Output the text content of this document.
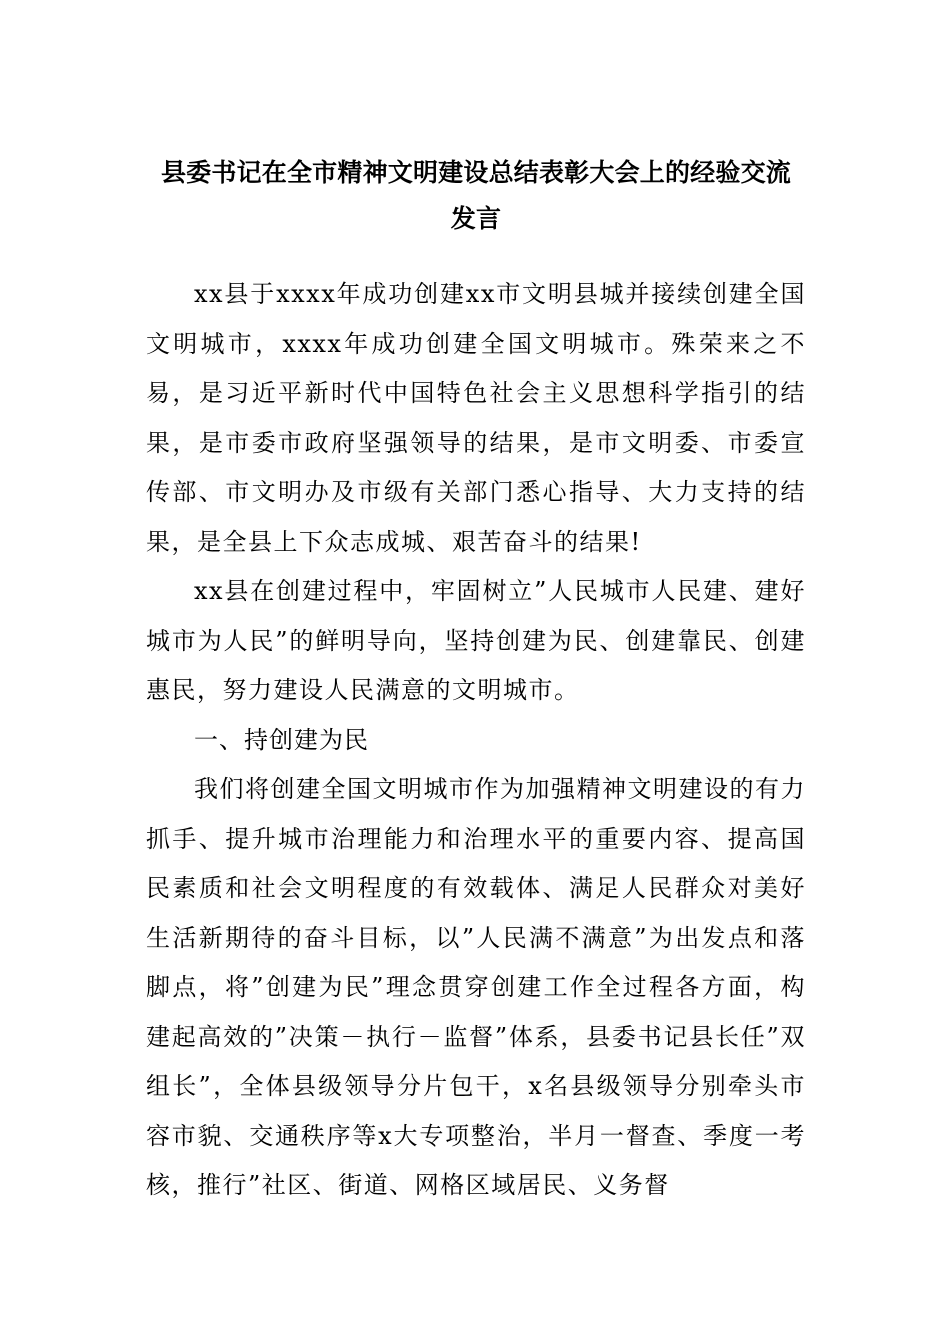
县委书记在全市精神文明建设总结表彰大会上的经验交流
发言

xx县于xxxx年成功创建xx市文明县城并接续创建全国文明城市，xxxx年成功创建全国文明城市。殊荣来之不易，是习近平新时代中国特色社会主义思想科学指引的结果，是市委市政府坚强领导的结果，是市文明委、市委宣传部、市文明办及市级有关部门悉心指导、大力支持的结果，是全县上下众志成城、艰苦奋斗的结果!

xx县在创建过程中，牢固树立”人民城市人民建、建好城市为人民”的鲜明导向，坚持创建为民、创建靠民、创建惠民，努力建设人民满意的文明城市。

一、持创建为民

我们将创建全国文明城市作为加强精神文明建设的有力抓手、提升城市治理能力和治理水平的重要内容、提高国民素质和社会文明程度的有效载体、满足人民群众对美好生活新期待的奋斗目标，以”人民满不满意”为出发点和落脚点，将”创建为民”理念贯穿创建工作全过程各方面，构建起高效的”决策－执行－监督”体系，县委书记县长任”双组长”，全体县级领导分片包干，x名县级领导分别牵头市容市貌、交通秩序等x大专项整治，半月一督查、季度一考核，推行”社区、街道、网格区域居民、义务督
